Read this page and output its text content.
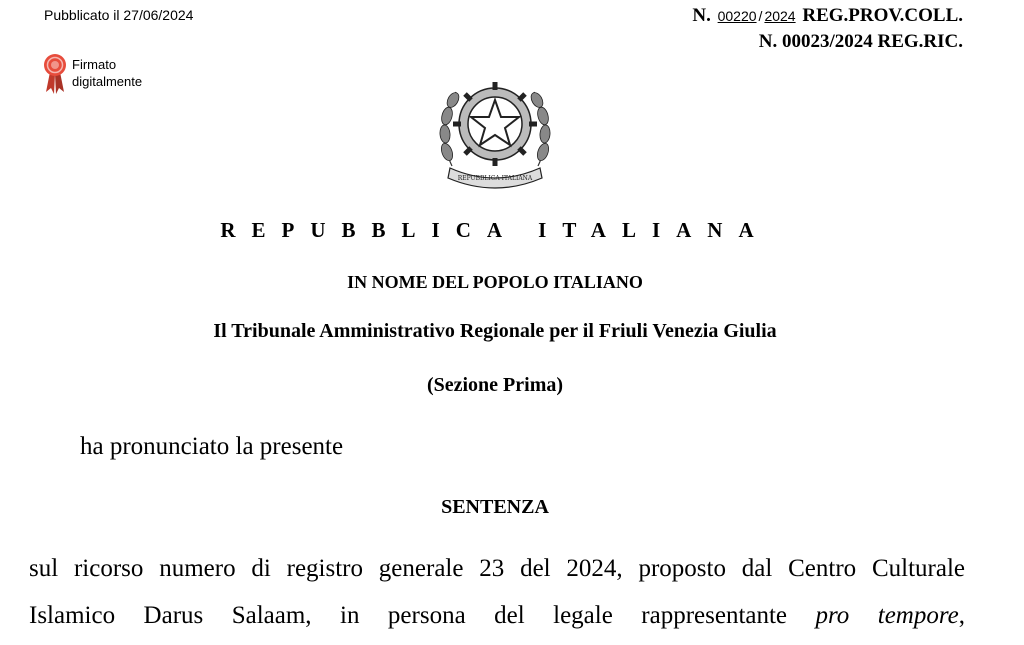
Pubblicato il 27/06/2024	N. 00220 / 2024 REG.PROV.COLL.
N. 00023/2024 REG.RIC.
Firmato
digitalmente
REPUBBLICA ITALIANA
REPUBBLICA ITALIANA
IN NOME DEL POPOLO ITALIANO
Il Tribunale Amministrativo Regionale per il Friuli Venezia Giulia
(Sezione Prima)
ha pronunciato la presente
SENTENZA
sul ricorso numero di registro generale 23 del 2024, proposto dal Centro Culturale
Islamico Darus Salaam, in persona del legale rappresentante pro tempore,
